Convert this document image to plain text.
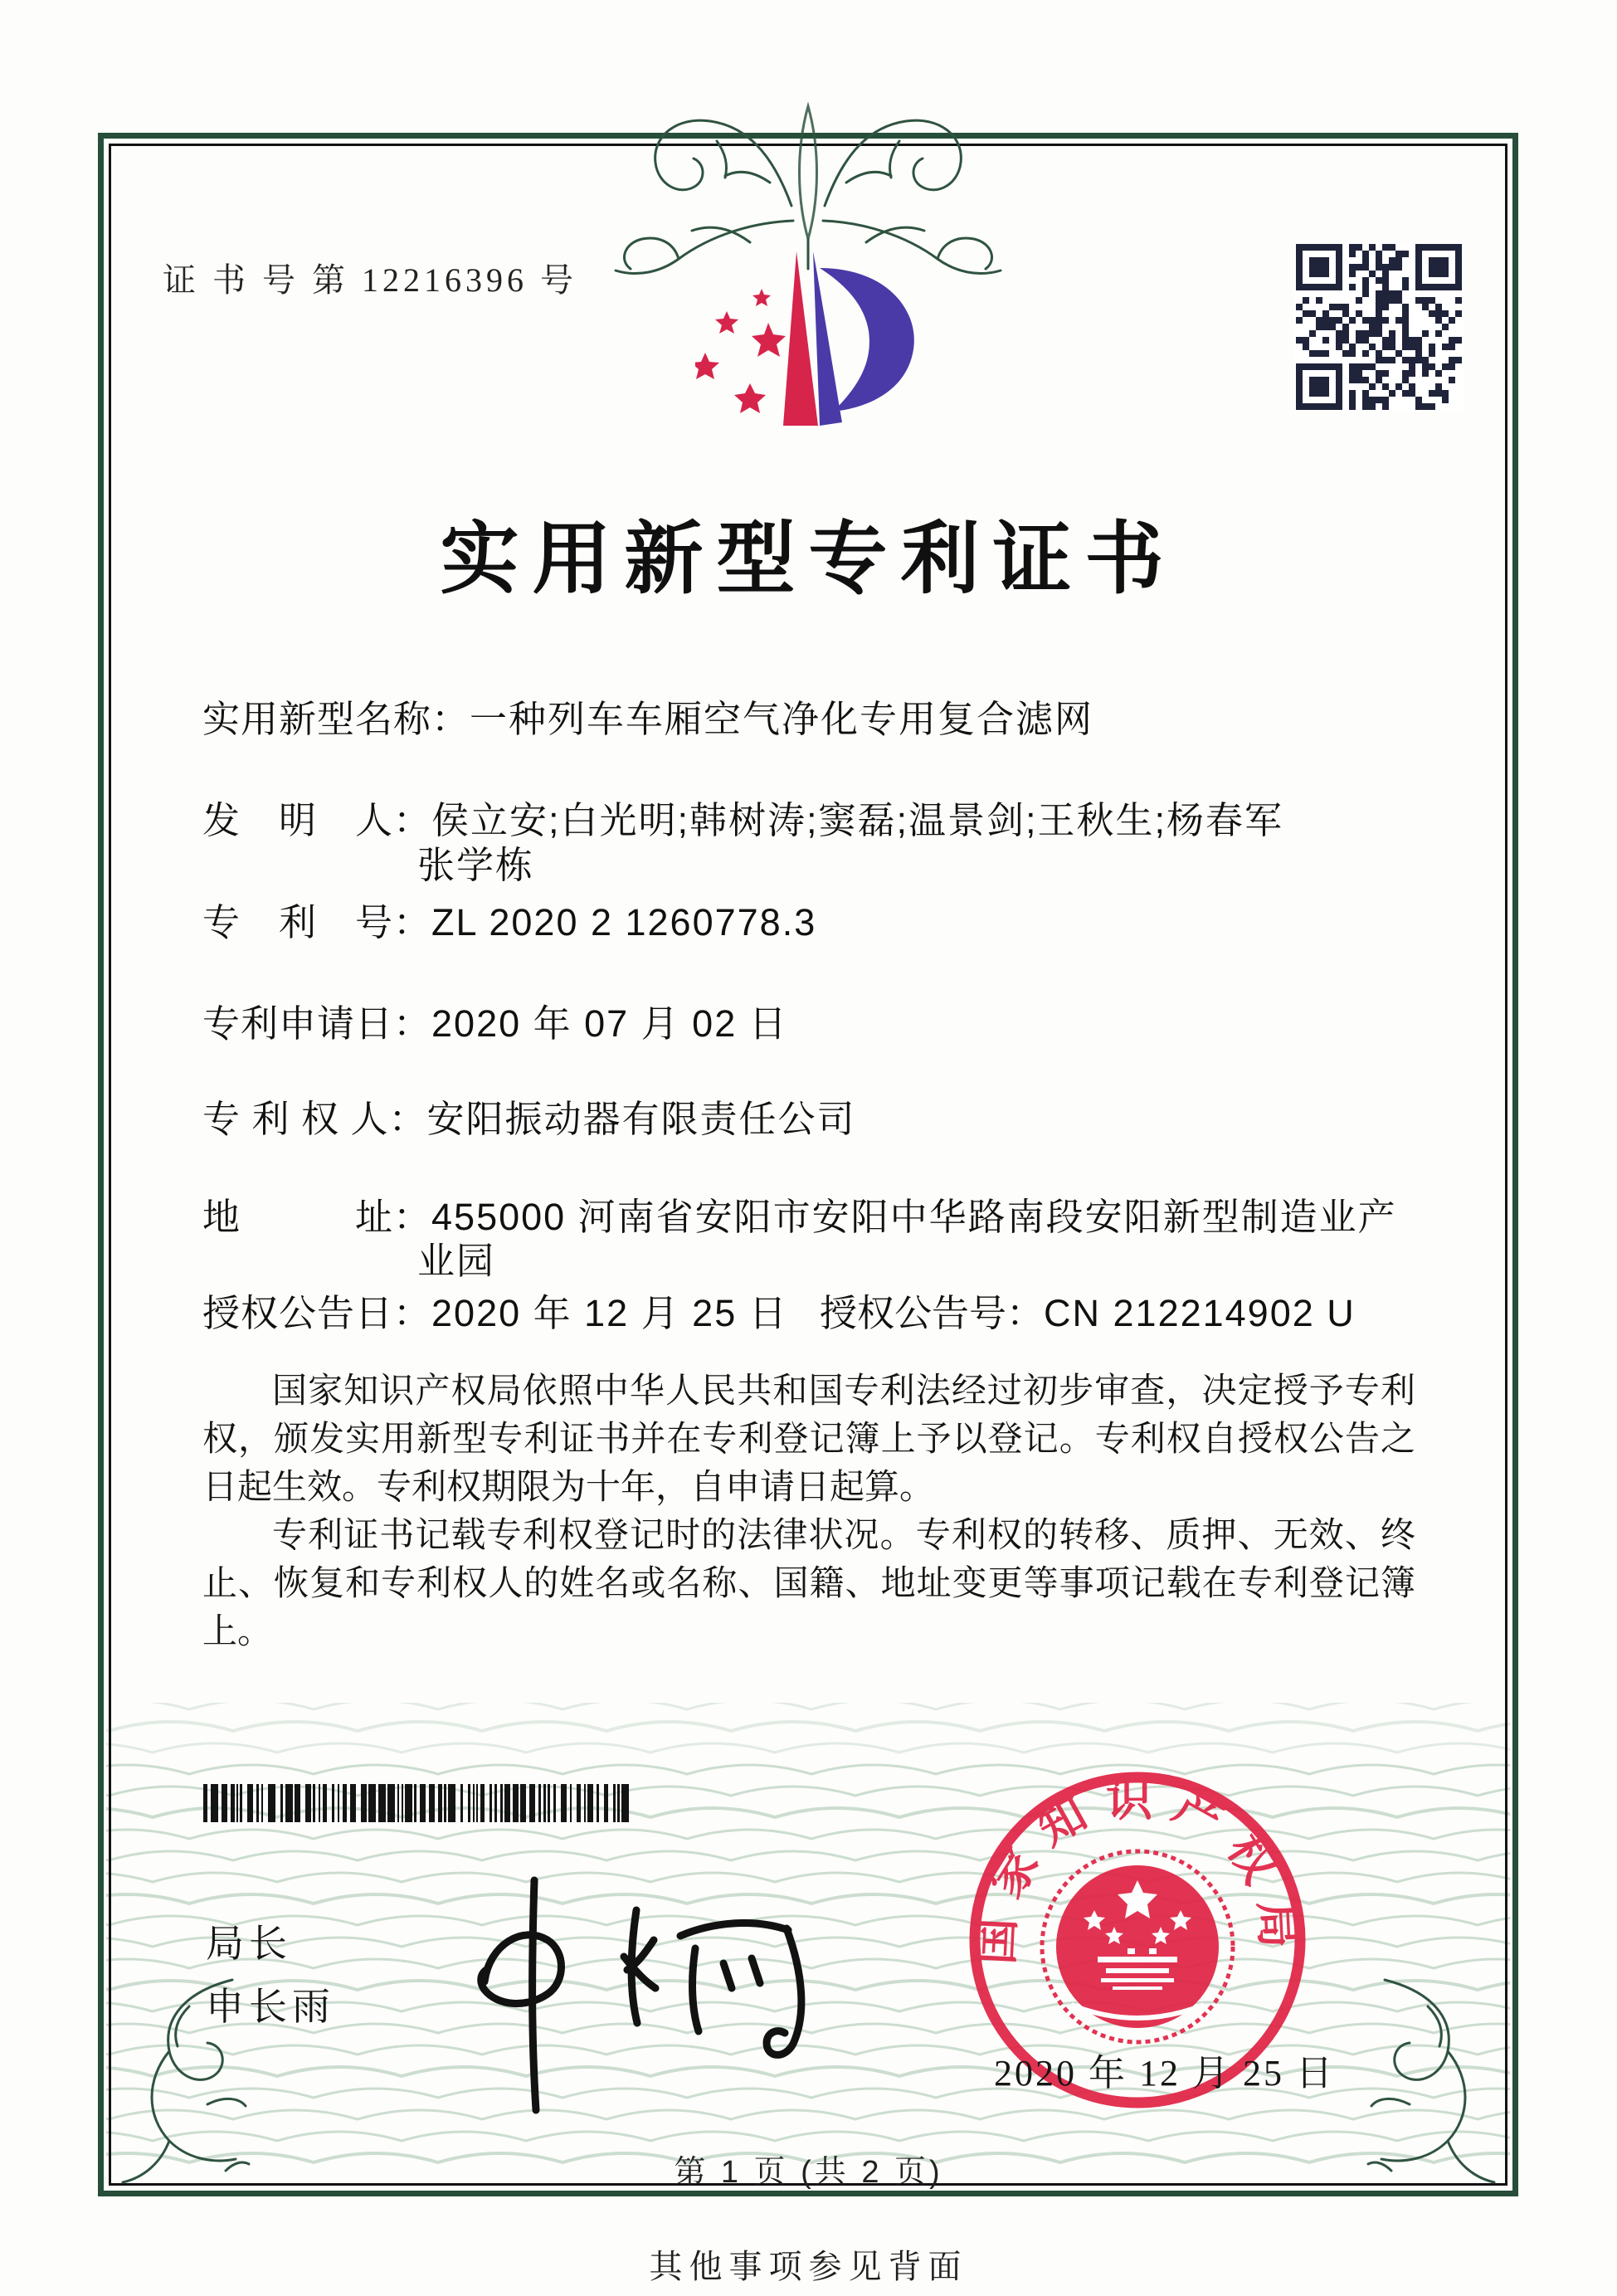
证 书 号 第 12216396 号
实用新型专利证书
实用新型名称：一种列车车厢空气净化专用复合滤网
发　明　人：侯立安;白光明;韩树涛;窦磊;温景剑;王秋生;杨春军
张学栋
专　利　号：ZL 2020 2 1260778.3
专利申请日：2020 年 07 月 02 日
专 利 权 人：安阳振动器有限责任公司
地　　　址：455000 河南省安阳市安阳中华路南段安阳新型制造业产
业园
授权公告日：2020 年 12 月 25 日 授权公告号：CN 212214902 U
国家知识产权局依照中华人民共和国专利法经过初步审查，决定授予专利权，颁发实用新型专利证书并在专利登记簿上予以登记。专利权自授权公告之日起生效。专利权期限为十年，自申请日起算。
专利证书记载专利权登记时的法律状况。专利权的转移、质押、无效、终止、恢复和专利权人的姓名或名称、国籍、地址变更等事项记载在专利登记簿上。
局长
申长雨
国家知识产权局
2020 年 12 月 25 日
第 1 页 (共 2 页)
其他事项参见背面
